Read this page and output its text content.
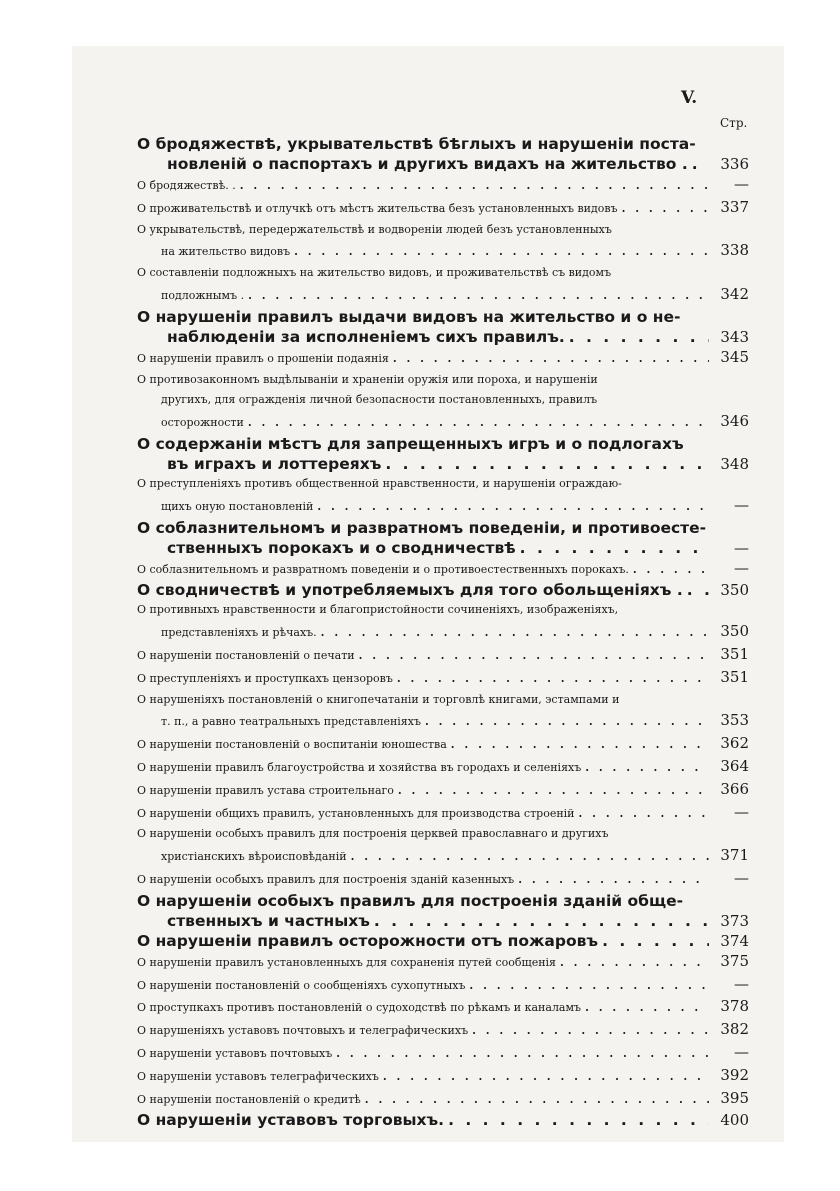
V.
Стр.
О бродяжествѣ, укрывательствѣ бѣглыхъ и нарушеніи поста-
новленій о паспортахъ и другихъ видахъ на жительство . . . .	336
О бродяжествѣ. . . . .	—
О проживательствѣ и отлучкѣ отъ мѣстъ жительства безъ установленныхъ видовъ . . .	337
О укрывательствѣ, передержательствѣ и водвореніи людей безъ установленныхъ
на жительство видовъ . . .	338
О составленіи подложныхъ на жительство видовъ, и проживательствѣ съ видомъ
подложнымъ . . . .	342
О нарушеніи правилъ выдачи видовъ на жительство и о не-
наблюденіи за исполненіемъ сихъ правилъ. . . .	343
О нарушеніи правилъ о прошеніи подаянія . . .	345
О противозаконномъ выдѣлываніи и храненіи оружія или пороха, и нарушеніи
другихъ, для огражденія личной безопасности постановленныхъ, правилъ
осторожности . . .	346
О содержаніи мѣстъ для запрещенныхъ игръ и о подлогахъ
въ играхъ и лоттереяхъ . . .	348
О преступленіяхъ противъ общественной нравственности, и нарушеніи ограждаю-
щихъ оную постановленій . . .	—
О соблазнительномъ и развратномъ поведеніи, и противоесте-
ственныхъ порокахъ и о сводничествѣ . . .	—
О соблазнительномъ и развратномъ поведеніи и о противоестественныхъ порокахъ. . . .	—
О сводничествѣ и употребляемыхъ для того обольщеніяхъ . . . .	350
О противныхъ нравственности и благопристойности сочиненіяхъ, изображеніяхъ,
представленіяхъ и рѣчахъ. . . .	350
О нарушеніи постановленій о печати . . .	351
О преступленіяхъ и проступкахъ цензоровъ . . .	351
О нарушеніяхъ постановленій о книгопечатаніи и торговлѣ книгами, эстампами и
т. п., а равно театральныхъ представленіяхъ . . .	353
О нарушеніи постановленій о воспитаніи юношества . . .	362
О нарушеніи правилъ благоустройства и хозяйства въ городахъ и селеніяхъ . . .	364
О нарушеніи правилъ устава строительнаго . . .	366
О нарушеніи общихъ правилъ, установленныхъ для производства строеній . . .	—
О нарушеніи особыхъ правилъ для построенія церквей православнаго и другихъ
христіанскихъ вѣроисповѣданій . . .	371
О нарушеніи особыхъ правилъ для построенія зданій казенныхъ . . .	—
О нарушеніи особыхъ правилъ для построенія зданій обще-
ственныхъ и частныхъ . . .	373
О нарушеніи правилъ осторожности отъ пожаровъ . . .	374
О нарушеніи правилъ установленныхъ для сохраненія путей сообщенія . . .	375
О нарушеніи постановленій о сообщеніяхъ сухопутныхъ . . .	—
О проступкахъ противъ постановленій о судоходствѣ по рѣкамъ и каналамъ . . .	378
О нарушеніяхъ уставовъ почтовыхъ и телеграфическихъ . . .	382
О нарушеніи уставовъ почтовыхъ . . .	—
О нарушеніи уставовъ телеграфическихъ . . .	392
О нарушеніи постановленій о кредитѣ . . .	395
О нарушеніи уставовъ торговыхъ. . . .	400
